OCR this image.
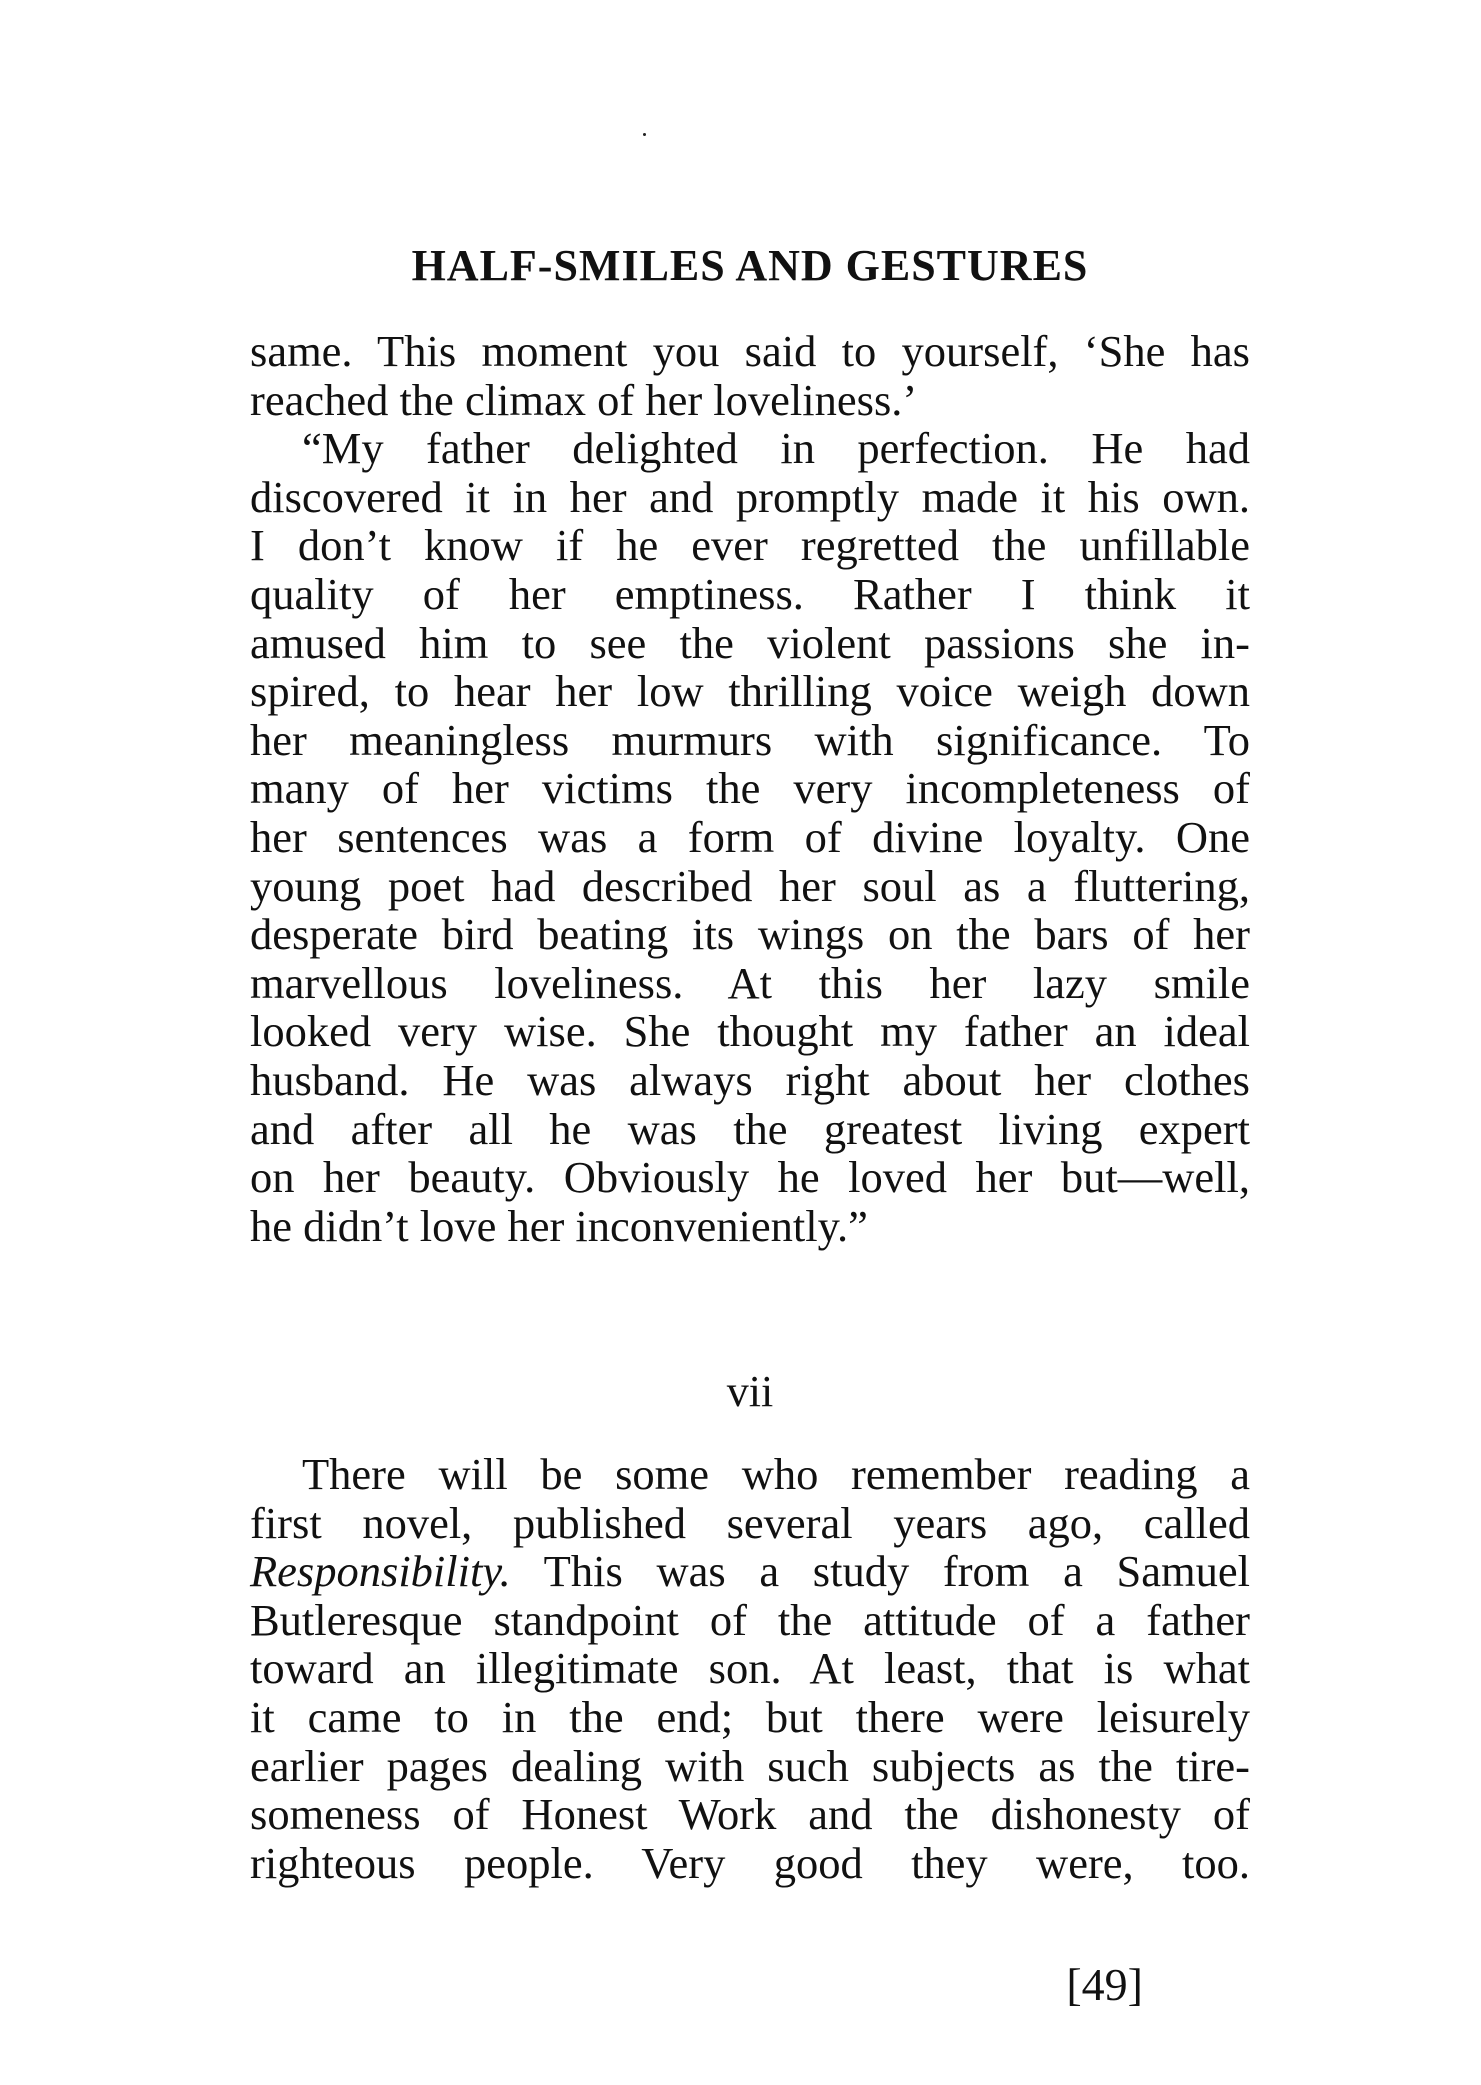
HALF-SMILES AND GESTURES
same. This moment you said to yourself, ‘She has
reached the climax of her loveliness.’
“My father delighted in perfection. He had
discovered it in her and promptly made it his own.
I don’t know if he ever regretted the unfillable
quality of her emptiness. Rather I think it
amused him to see the violent passions she in-
spired, to hear her low thrilling voice weigh down
her meaningless murmurs with significance. To
many of her victims the very incompleteness of
her sentences was a form of divine loyalty. One
young poet had described her soul as a fluttering,
desperate bird beating its wings on the bars of her
marvellous loveliness. At this her lazy smile
looked very wise. She thought my father an ideal
husband. He was always right about her clothes
and after all he was the greatest living expert
on her beauty. Obviously he loved her but—well,
he didn’t love her inconveniently.”
vii
There will be some who remember reading a
first novel, published several years ago, called
Responsibility. This was a study from a Samuel
Butleresque standpoint of the attitude of a father
toward an illegitimate son. At least, that is what
it came to in the end; but there were leisurely
earlier pages dealing with such subjects as the tire-
someness of Honest Work and the dishonesty of
righteous people. Very good they were, too.
[49]
